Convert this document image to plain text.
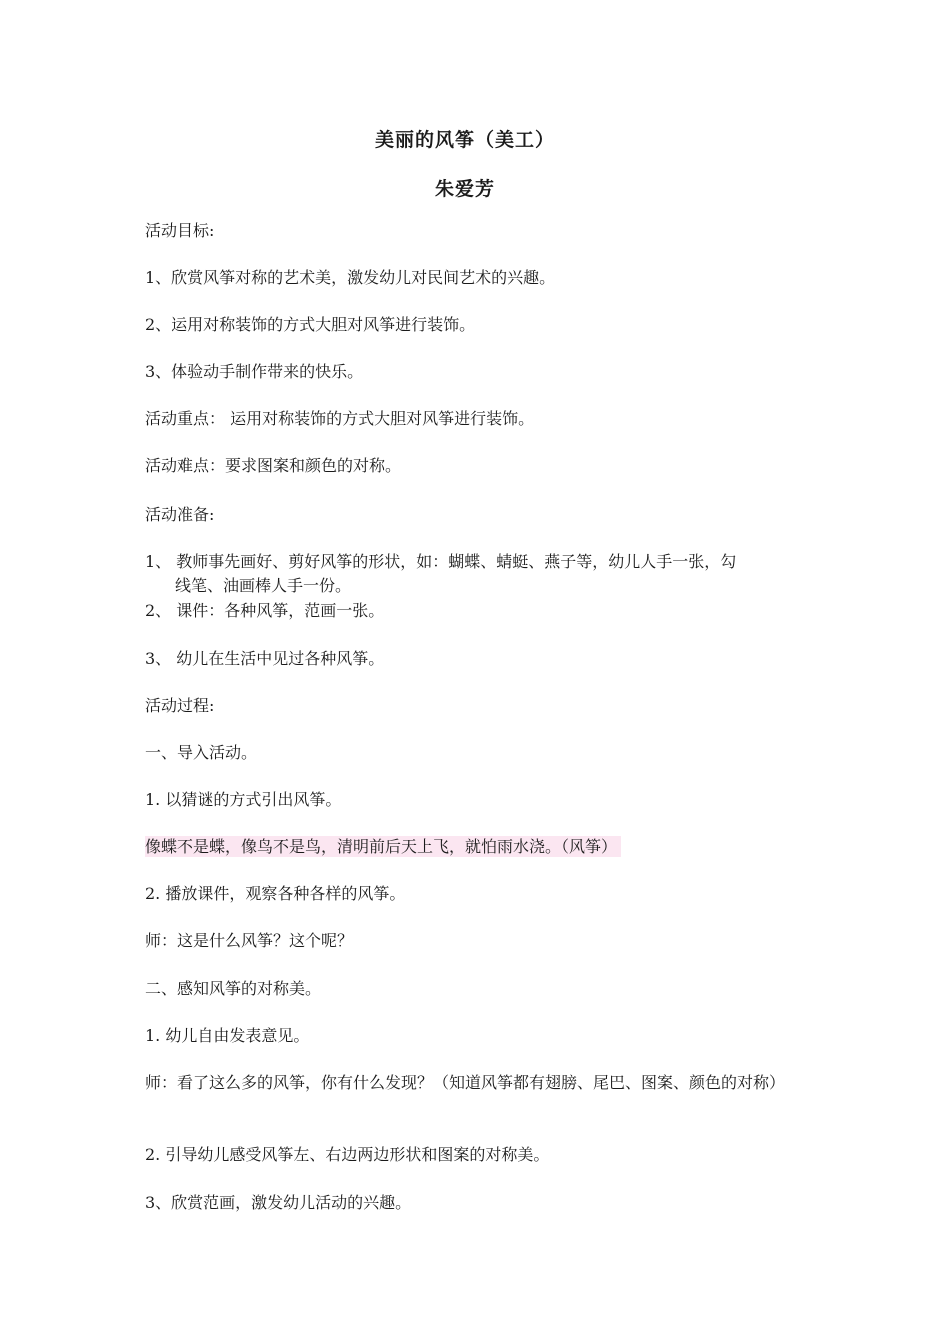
美丽的风筝（美工）
朱爱芳
活动目标:
1、欣赏风筝对称的艺术美，激发幼儿对民间艺术的兴趣。
2、运用对称装饰的方式大胆对风筝进行装饰。
3、体验动手制作带来的快乐。
活动重点： 运用对称装饰的方式大胆对风筝进行装饰。
活动难点：要求图案和颜色的对称。
活动准备:
1、 教师事先画好、剪好风筝的形状，如：蝴蝶、蜻蜓、燕子等，幼儿人手一张，勾
线笔、油画棒人手一份。
2、 课件：各种风筝，范画一张。
3、 幼儿在生活中见过各种风筝。
活动过程:
一、导入活动。
1. 以猜谜的方式引出风筝。
像蝶不是蝶，像鸟不是鸟，清明前后天上飞，就怕雨水浇。（风筝）
2. 播放课件，观察各种各样的风筝。
师：这是什么风筝？这个呢？
二、感知风筝的对称美。
1. 幼儿自由发表意见。
师：看了这么多的风筝，你有什么发现？（知道风筝都有翅膀、尾巴、图案、颜色的对称）
2. 引导幼儿感受风筝左、右边两边形状和图案的对称美。
3、欣赏范画，激发幼儿活动的兴趣。
